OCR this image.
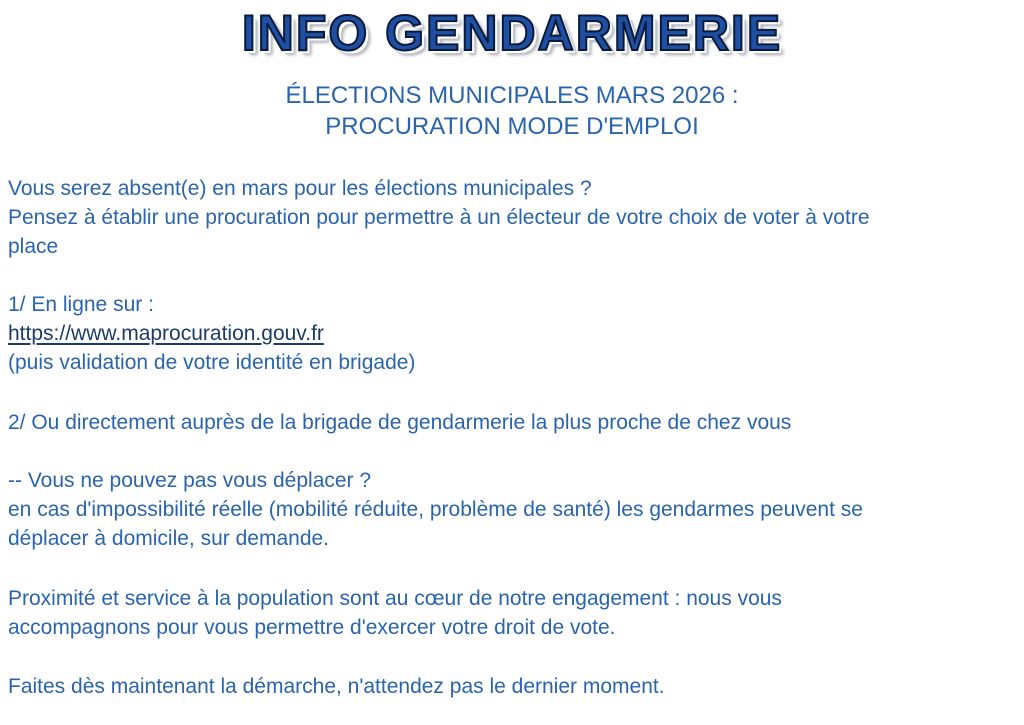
INFO GENDARMERIE
ÉLECTIONS MUNICIPALES MARS 2026 :
PROCURATION MODE D'EMPLOI
Vous serez absent(e) en mars pour les élections municipales ?
Pensez à établir une procuration pour permettre à un électeur de votre choix de voter à votre
place
1/ En ligne sur :
https://www.maprocuration.gouv.fr
(puis validation de votre identité en brigade)
2/ Ou directement auprès de la brigade de gendarmerie la plus proche de chez vous
-- Vous ne pouvez pas vous déplacer ?
en cas d'impossibilité réelle (mobilité réduite, problème de santé) les gendarmes peuvent se
déplacer à domicile, sur demande.
Proximité et service à la population sont au cœur de notre engagement : nous vous
accompagnons pour vous permettre d'exercer votre droit de vote.
Faites dès maintenant la démarche, n'attendez pas le dernier moment.
